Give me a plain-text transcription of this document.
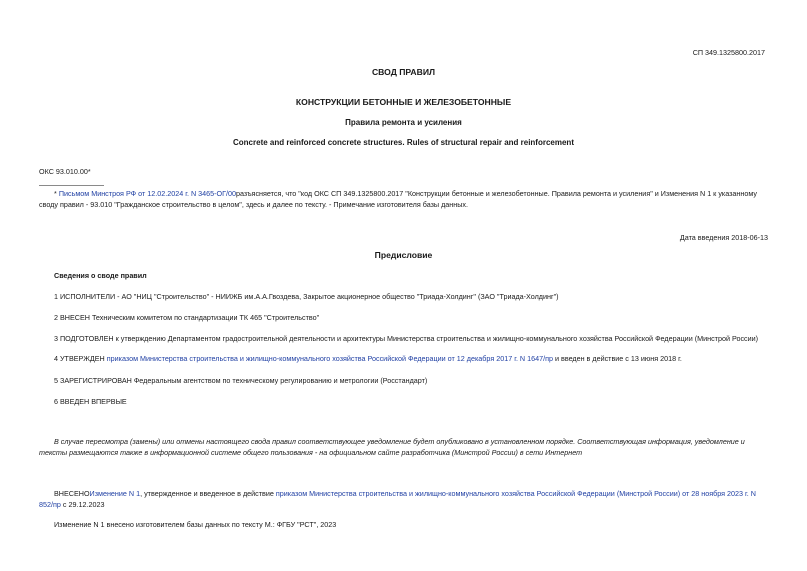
СП 349.1325800.2017
СВОД ПРАВИЛ
КОНСТРУКЦИИ БЕТОННЫЕ И ЖЕЛЕЗОБЕТОННЫЕ
Правила ремонта и усиления
Concrete and reinforced concrete structures. Rules of structural repair and reinforcement
ОКС 93.010.00*
* Письмом Минстроя РФ от 12.02.2024 г. N 3465-ОГ/00разъясняется, что "код ОКС СП 349.1325800.2017 "Конструкции бетонные и железобетонные. Правила ремонта и усиления" и Изменения N 1 к указанному
своду правил - 93.010 "Гражданское строительство в целом", здесь и далее по тексту. - Примечание изготовителя базы данных.
Дата введения 2018-06-13
Предисловие
Сведения о своде правил
1 ИСПОЛНИТЕЛИ - АО "НИЦ "Строительство" - НИИЖБ им.А.А.Гвоздева, Закрытое акционерное общество "Триада-Холдинг" (ЗАО "Триада-Холдинг")
2 ВНЕСЕН Техническим комитетом по стандартизации ТК 465 "Строительство"
3 ПОДГОТОВЛЕН к утверждению Департаментом градостроительной деятельности и архитектуры Министерства строительства и жилищно-коммунального хозяйства Российской Федерации (Минстрой России)
4 УТВЕРЖДЕН приказом Министерства строительства и жилищно-коммунального хозяйства Российской Федерации от 12 декабря 2017 г. N 1647/пр и введен в действие с 13 июня 2018 г.
5 ЗАРЕГИСТРИРОВАН Федеральным агентством по техническому регулированию и метрологии (Росстандарт)
6 ВВЕДЕН ВПЕРВЫЕ
В случае пересмотра (замены) или отмены настоящего свода правил соответствующее уведомление будет опубликовано в установленном порядке. Соответствующая информация, уведомление и
тексты размещаются также в информационной системе общего пользования - на официальном сайте разработчика (Минстрой России) в сети Интернет
ВНЕСЕНОИзменение N 1, утвержденное и введенное в действие приказом Министерства строительства и жилищно-коммунального хозяйства Российской Федерации (Минстрой России) от 28 ноября 2023 г. N
852/пр с 29.12.2023
Изменение N 1 внесено изготовителем базы данных по тексту М.: ФГБУ "РСТ", 2023
